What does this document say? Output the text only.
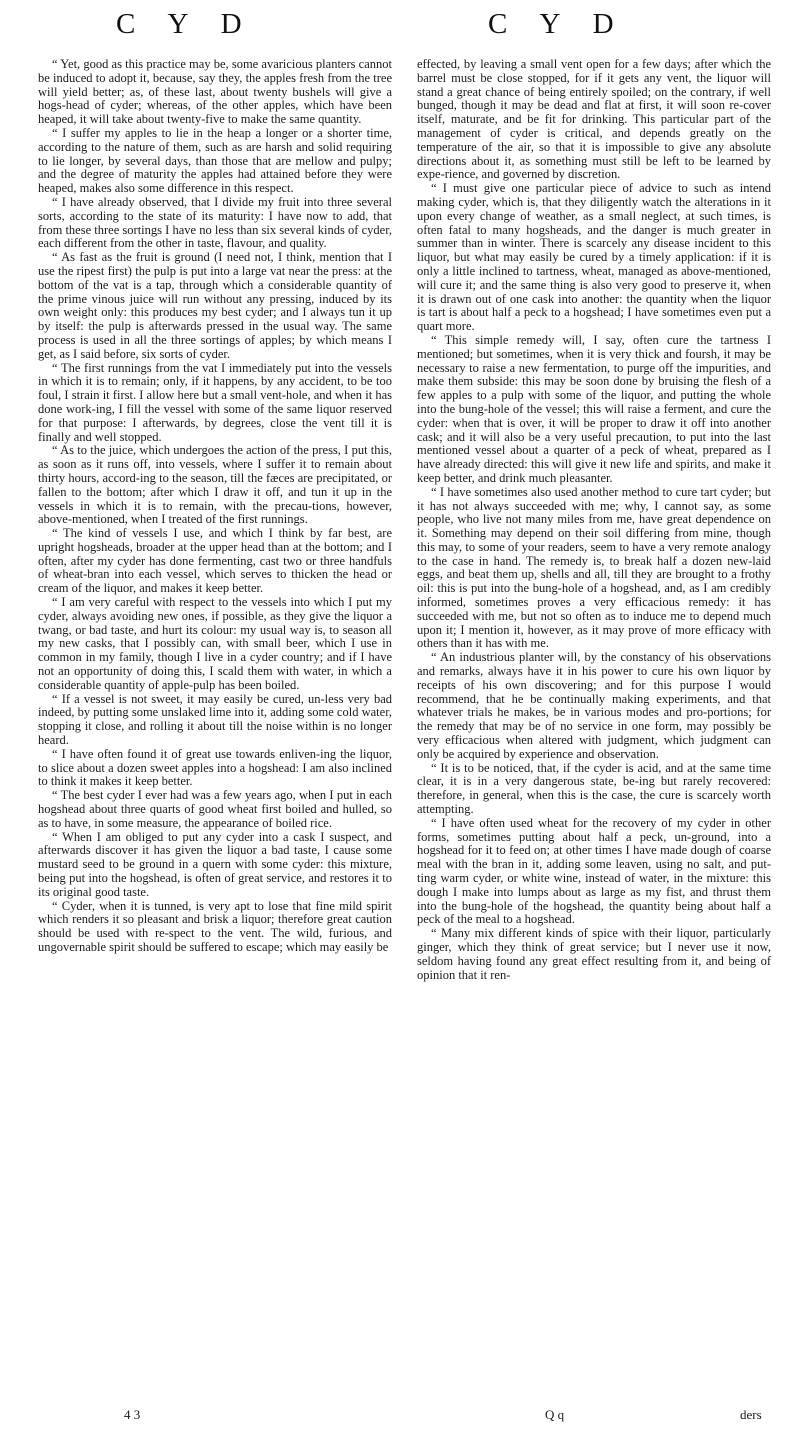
C Y D	C Y D

“ Yet, good as this practice may be, some avaricious planters cannot be induced to adopt it, because, say they, the apples fresh from the tree will yield better; as, of these last, about twenty bushels will give a hogs-head of cyder; whereas, of the other apples, which have been heaped, it will take about twenty-five to make the same quantity.

“ I suffer my apples to lie in the heap a longer or a shorter time, according to the nature of them, such as are harsh and solid requiring to lie longer, by several days, than those that are mellow and pulpy; and the degree of maturity the apples had attained before they were heaped, makes also some difference in this respect.

“ I have already observed, that I divide my fruit into three several sorts, according to the state of its maturity: I have now to add, that from these three sortings I have no less than six several kinds of cyder, each different from the other in taste, flavour, and quality.

“ As fast as the fruit is ground (I need not, I think, mention that I use the ripest first) the pulp is put into a large vat near the press: at the bottom of the vat is a tap, through which a considerable quantity of the prime vinous juice will run without any pressing, induced by its own weight only: this produces my best cyder; and I always tun it up by itself: the pulp is afterwards pressed in the usual way. The same process is used in all the three sortings of apples; by which means I get, as I said before, six sorts of cyder.

“ The first runnings from the vat I immediately put into the vessels in which it is to remain; only, if it happens, by any accident, to be too foul, I strain it first. I allow here but a small vent-hole, and when it has done work-ing, I fill the vessel with some of the same liquor reserved for that purpose: I afterwards, by degrees, close the vent till it is finally and well stopped.

“ As to the juice, which undergoes the action of the press, I put this, as soon as it runs off, into vessels, where I suffer it to remain about thirty hours, accord-ing to the season, till the fæces are precipitated, or fallen to the bottom; after which I draw it off, and tun it up in the vessels in which it is to remain, with the precau-tions, however, above-mentioned, when I treated of the first runnings.

“ The kind of vessels I use, and which I think by far best, are upright hogsheads, broader at the upper head than at the bottom; and I often, after my cyder has done fermenting, cast two or three handfuls of wheat-bran into each vessel, which serves to thicken the head or cream of the liquor, and makes it keep better.

“ I am very careful with respect to the vessels into which I put my cyder, always avoiding new ones, if possible, as they give the liquor a twang, or bad taste, and hurt its colour: my usual way is, to season all my new casks, that I possibly can, with small beer, which I use in common in my family, though I live in a cyder country; and if I have not an opportunity of doing this, I scald them with water, in which a considerable quantity of apple-pulp has been boiled.

“ If a vessel is not sweet, it may easily be cured, un-less very bad indeed, by putting some unslaked lime into it, adding some cold water, stopping it close, and rolling it about till the noise within is no longer heard.

“ I have often found it of great use towards enliven-ing the liquor, to slice about a dozen sweet apples into a hogshead: I am also inclined to think it makes it keep better.

“ The best cyder I ever had was a few years ago, when I put in each hogshead about three quarts of good wheat first boiled and hulled, so as to have, in some measure, the appearance of boiled rice.

“ When I am obliged to put any cyder into a cask I suspect, and afterwards discover it has given the liquor a bad taste, I cause some mustard seed to be ground in a quern with some cyder: this mixture, being put into the hogshead, is often of great service, and restores it to its original good taste.

“ Cyder, when it is tunned, is very apt to lose that fine mild spirit which renders it so pleasant and brisk a liquor; therefore great caution should be used with re-spect to the vent. The wild, furious, and ungovernable spirit should be suffered to escape; which may easily be

effected, by leaving a small vent open for a few days; after which the barrel must be close stopped, for if it gets any vent, the liquor will stand a great chance of being entirely spoiled; on the contrary, if well bunged, though it may be dead and flat at first, it will soon re-cover itself, maturate, and be fit for drinking. This particular part of the management of cyder is critical, and depends greatly on the temperature of the air, so that it is impossible to give any absolute directions about it, as something must still be left to be learned by expe-rience, and governed by discretion.

“ I must give one particular piece of advice to such as intend making cyder, which is, that they diligently watch the alterations in it upon every change of weather, as a small neglect, at such times, is often fatal to many hogsheads, and the danger is much greater in summer than in winter. There is scarcely any disease incident to this liquor, but what may easily be cured by a timely application: if it is only a little inclined to tartness, wheat, managed as above-mentioned, will cure it; and the same thing is also very good to preserve it, when it is drawn out of one cask into another: the quantity when the liquor is tart is about half a peck to a hogshead; I have sometimes even put a quart more.

“ This simple remedy will, I say, often cure the tartness I mentioned; but sometimes, when it is very thick and foursh, it may be necessary to raise a new fermentation, to purge off the impurities, and make them subside: this may be soon done by bruising the flesh of a few apples to a pulp with some of the liquor, and putting the whole into the bung-hole of the vessel; this will raise a ferment, and cure the cyder: when that is over, it will be proper to draw it off into another cask; and it will also be a very useful precaution, to put into the last mentioned vessel about a quarter of a peck of wheat, prepared as I have already directed: this will give it new life and spirits, and make it keep better, and drink much pleasanter.

“ I have sometimes also used another method to cure tart cyder; but it has not always succeeded with me; why, I cannot say, as some people, who live not many miles from me, have great dependence on it. Something may depend on their soil differing from mine, though this may, to some of your readers, seem to have a very remote analogy to the case in hand. The remedy is, to break half a dozen new-laid eggs, and beat them up, shells and all, till they are brought to a frothy oil: this is put into the bung-hole of a hogshead, and, as I am credibly informed, sometimes proves a very efficacious remedy: it has succeeded with me, but not so often as to induce me to depend much upon it; I mention it, however, as it may prove of more efficacy with others than it has with me.

“ An industrious planter will, by the constancy of his observations and remarks, always have it in his power to cure his own liquor by receipts of his own discovering; and for this purpose I would recommend, that he be continually making experiments, and that whatever trials he makes, be in various modes and pro-portions; for the remedy that may be of no service in one form, may possibly be very efficacious when altered with judgment, which judgment can only be acquired by experience and observation.

“ It is to be noticed, that, if the cyder is acid, and at the same time clear, it is in a very dangerous state, be-ing but rarely recovered: therefore, in general, when this is the case, the cure is scarcely worth attempting.

“ I have often used wheat for the recovery of my cyder in other forms, sometimes putting about half a peck, un-ground, into a hogshead for it to feed on; at other times I have made dough of coarse meal with the bran in it, adding some leaven, using no salt, and put-ting warm cyder, or white wine, instead of water, in the mixture: this dough I make into lumps about as large as my fist, and thrust them into the bung-hole of the hogshead, the quantity being about half a peck of the meal to a hogshead.

“ Many mix different kinds of spice with their liquor, particularly ginger, which they think of great service; but I never use it now, seldom having found any great effect resulting from it, and being of opinion that it ren-

4 3	Q q	ders
